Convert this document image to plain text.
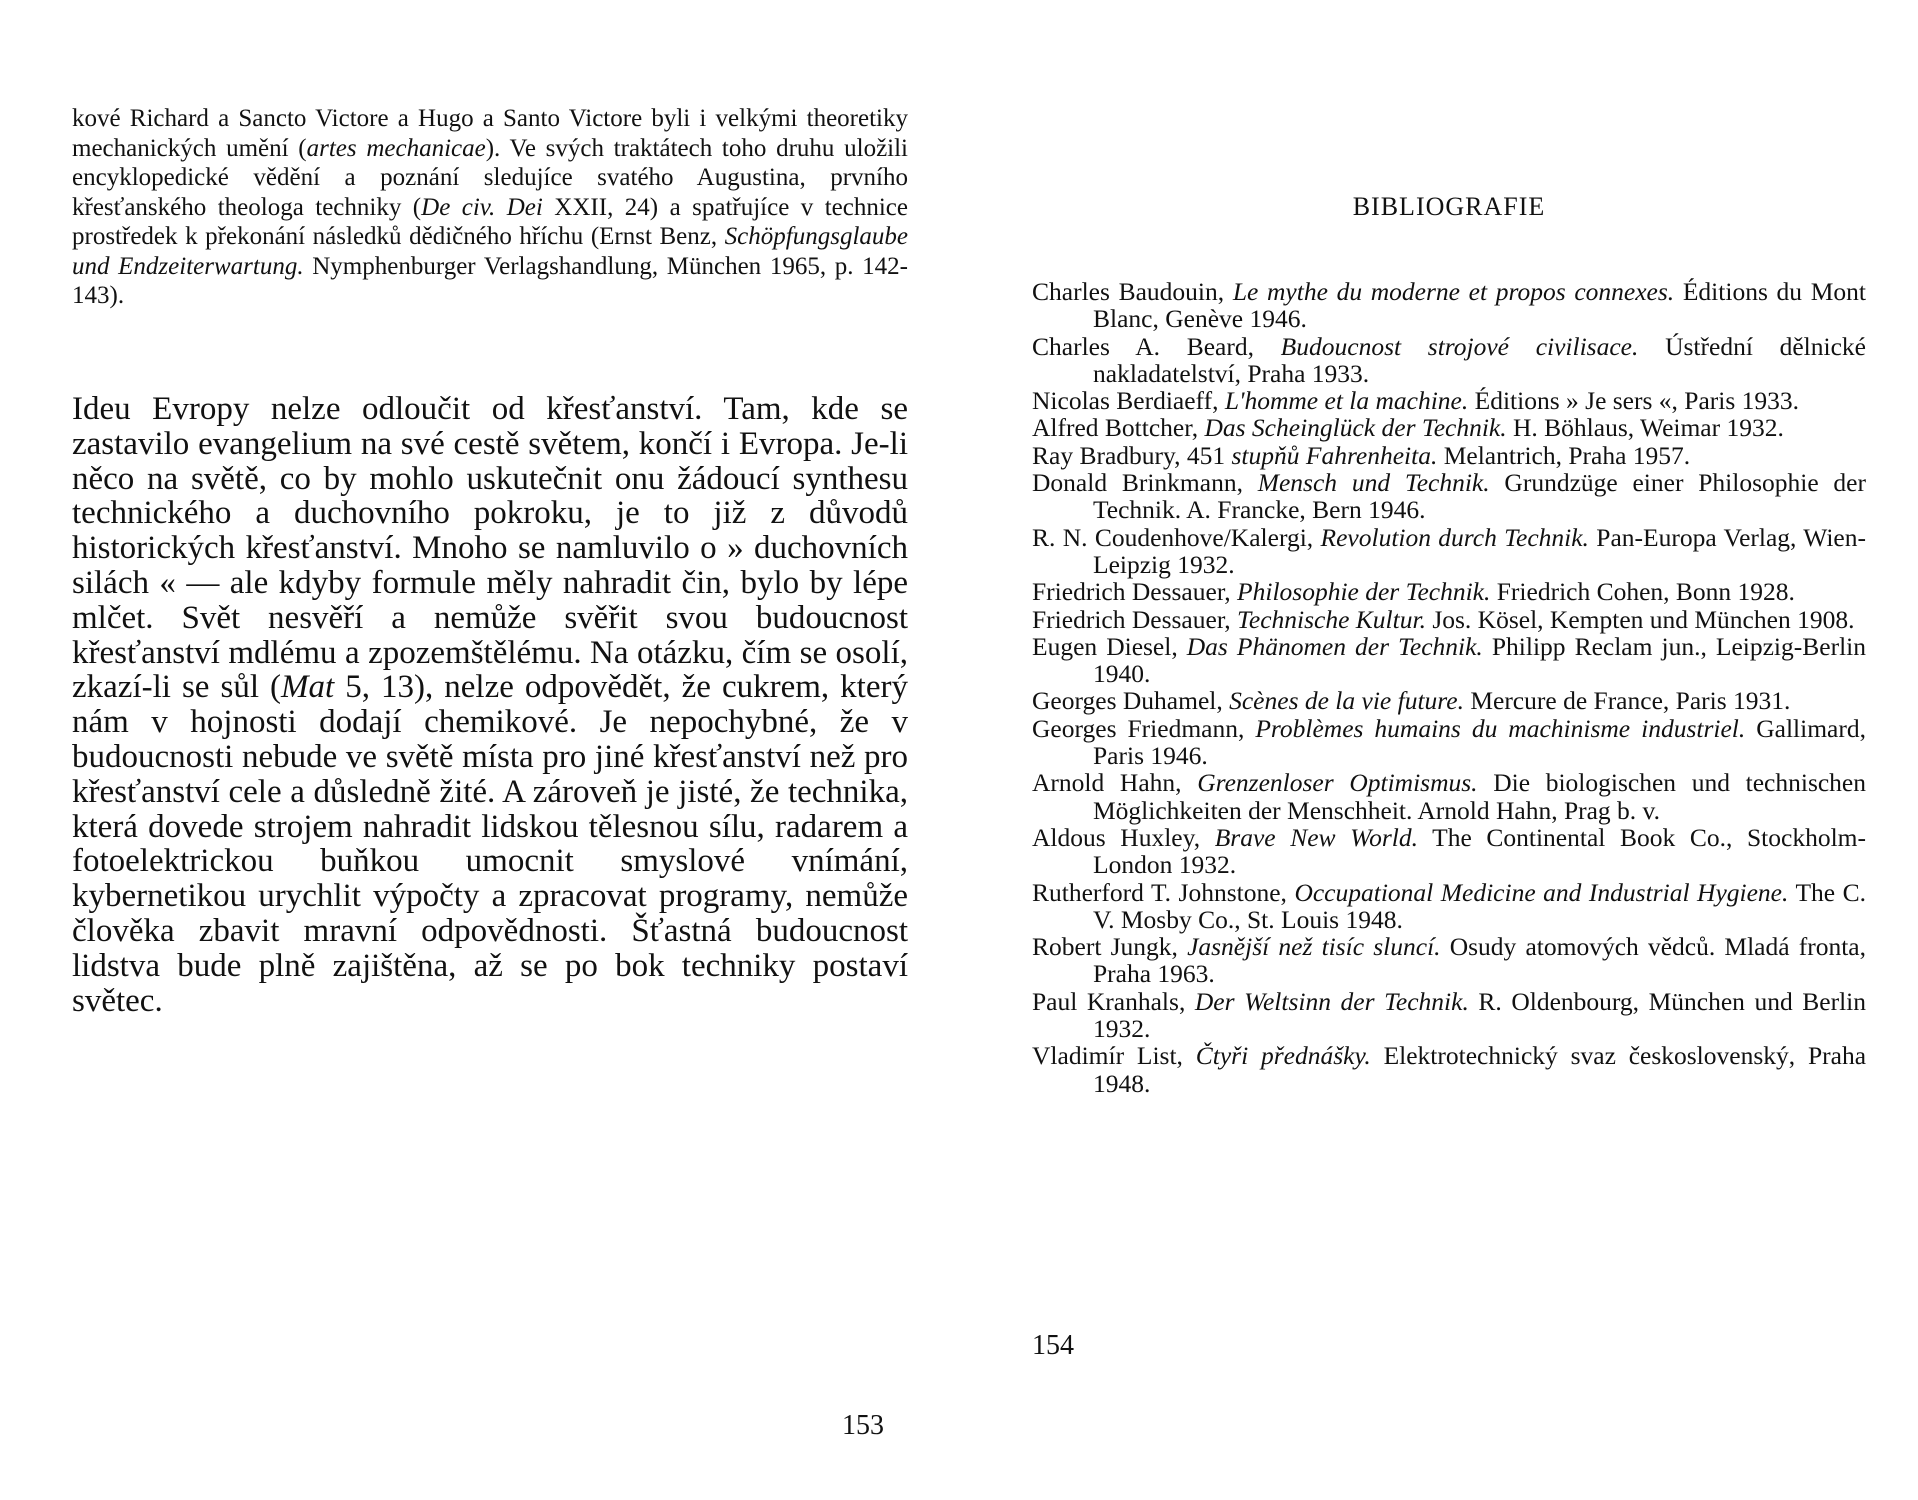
kové Richard a Sancto Victore a Hugo a Santo Victore byli i velkými theoretiky mechanických umění (artes mechanicae). Ve svých traktátech toho druhu uložili encyklopedické vědění a poznání sledujíce svatého Augustina, prvního křesťanského theologa techniky (De civ. Dei XXII, 24) a spatřujíce v technice prostředek k překonání následků dědičného hříchu (Ernst Benz, Schöpfungsglaube und Endzeiterwartung. Nymphenburger Verlagshandlung, München 1965, p. 142-143).

Ideu Evropy nelze odloučit od křesťanství. Tam, kde se zastavilo evangelium na své cestě světem, končí i Evropa. Je-li něco na světě, co by mohlo uskutečnit onu žádoucí synthesu technického a duchovního pokroku, je to již z důvodů historických křesťanství. Mnoho se namluvilo o » duchovních silách « — ale kdyby formule měly nahradit čin, bylo by lépe mlčet. Svět nesvěří a nemůže svěřit svou budoucnost křesťanství mdlému a zpozemštělému. Na otázku, čím se osolí, zkazí-li se sůl (Mat 5, 13), nelze odpovědět, že cukrem, který nám v hojnosti dodají chemikové. Je nepochybné, že v budoucnosti nebude ve světě místa pro jiné křesťanství než pro křesťanství cele a důsledně žité. A zároveň je jisté, že technika, která dovede strojem nahradit lidskou tělesnou sílu, radarem a fotoelektrickou buňkou umocnit smyslové vnímání, kybernetikou urychlit výpočty a zpracovat programy, nemůže člověka zbavit mravní odpovědnosti. Šťastná budoucnost lidstva bude plně zajištěna, až se po bok techniky postaví světec.

153
BIBLIOGRAFIE
Charles Baudouin, Le mythe du moderne et propos connexes. Éditions du Mont Blanc, Genève 1946.
Charles A. Beard, Budoucnost strojové civilisace. Ústřední dělnické nakladatelství, Praha 1933.
Nicolas Berdiaeff, L'homme et la machine. Éditions » Je sers «, Paris 1933.
Alfred Bottcher, Das Scheinglück der Technik. H. Böhlaus, Weimar 1932.
Ray Bradbury, 451 stupňů Fahrenheita. Melantrich, Praha 1957.
Donald Brinkmann, Mensch und Technik. Grundzüge einer Philosophie der Technik. A. Francke, Bern 1946.
R. N. Coudenhove/Kalergi, Revolution durch Technik. Pan-Europa Verlag, Wien-Leipzig 1932.
Friedrich Dessauer, Philosophie der Technik. Friedrich Cohen, Bonn 1928.
Friedrich Dessauer, Technische Kultur. Jos. Kösel, Kempten und München 1908.
Eugen Diesel, Das Phänomen der Technik. Philipp Reclam jun., Leipzig-Berlin 1940.
Georges Duhamel, Scènes de la vie future. Mercure de France, Paris 1931.
Georges Friedmann, Problèmes humains du machinisme industriel. Gallimard, Paris 1946.
Arnold Hahn, Grenzenloser Optimismus. Die biologischen und technischen Möglichkeiten der Menschheit. Arnold Hahn, Prag b. v.
Aldous Huxley, Brave New World. The Continental Book Co., Stockholm-London 1932.
Rutherford T. Johnstone, Occupational Medicine and Industrial Hygiene. The C. V. Mosby Co., St. Louis 1948.
Robert Jungk, Jasnější než tisíc sluncí. Osudy atomových vědců. Mladá fronta, Praha 1963.
Paul Kranhals, Der Weltsinn der Technik. R. Oldenbourg, München und Berlin 1932.
Vladimír List, Čtyři přednášky. Elektrotechnický svaz československý, Praha 1948.
154
